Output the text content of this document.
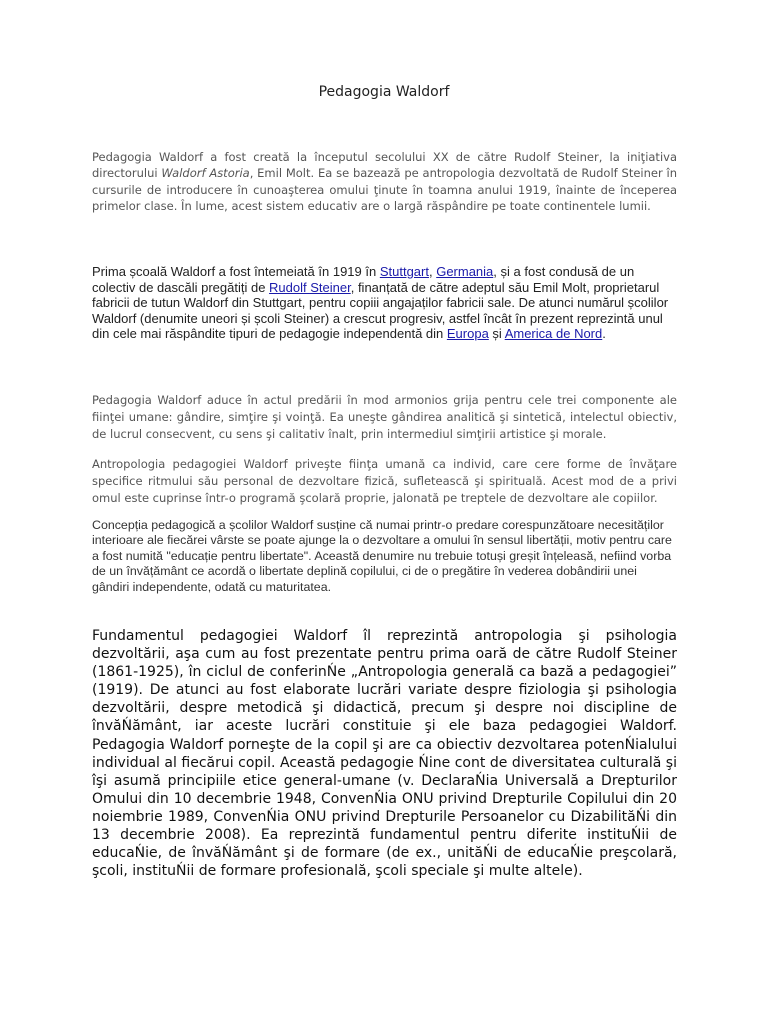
Pedagogia Waldorf

Pedagogia Waldorf a fost creată la începutul secolului XX de către Rudolf Steiner, la iniţiativa directorului Waldorf Astoria, Emil Molt. Ea se bazează pe antropologia dezvoltată de Rudolf Steiner în cursurile de introducere în cunoaşterea omului ţinute în toamna anului 1919, înainte de începerea primelor clase. În lume, acest sistem educativ are o largă răspândire pe toate continentele lumii.

Prima școală Waldorf a fost întemeiată în 1919 în Stuttgart, Germania, și a fost condusă de un colectiv de dascăli pregătiți de Rudolf Steiner, finanțată de către adeptul său Emil Molt, proprietarul fabricii de tutun Waldorf din Stuttgart, pentru copiii angajaților fabricii sale. De atunci numărul școlilor Waldorf (denumite uneori și școli Steiner) a crescut progresiv, astfel încât în prezent reprezintă unul din cele mai răspândite tipuri de pedagogie independentă din Europa și America de Nord.

Pedagogia Waldorf aduce în actul predării în mod armonios grija pentru cele trei componente ale fiinţei umane: gândire, simţire şi voinţă. Ea uneşte gândirea analitică şi sintetică, intelectul obiectiv, de lucrul consecvent, cu sens şi calitativ înalt, prin intermediul simţirii artistice şi morale.

Antropologia pedagogiei Waldorf priveşte fiinţa umană ca individ, care cere forme de învăţare specifice ritmului său personal de dezvoltare fizică, sufletească şi spirituală. Acest mod de a privi omul este cuprinse într-o programă şcolară proprie, jalonată pe treptele de dezvoltare ale copiilor.

Concepția pedagogică a școlilor Waldorf susține că numai printr-o predare corespunzătoare necesităților interioare ale fiecărei vârste se poate ajunge la o dezvoltare a omului în sensul libertății, motiv pentru care a fost numită "educație pentru libertate". Această denumire nu trebuie totuși greșit înțeleasă, nefiind vorba de un învățământ ce acordă o libertate deplină copilului, ci de o pregătire în vederea dobândirii unei gândiri independente, odată cu maturitatea.

Fundamentul pedagogiei Waldorf îl reprezintă antropologia şi psihologia dezvoltării, aşa cum au fost prezentate pentru prima oară de către Rudolf Steiner (1861-1925), în ciclul de conferinŃe „Antropologia generală ca bază a pedagogiei” (1919). De atunci au fost elaborate lucrări variate despre fiziologia şi psihologia dezvoltării, despre metodică şi didactică, precum şi despre noi discipline de învăŃământ, iar aceste lucrări constituie şi ele baza pedagogiei Waldorf. Pedagogia Waldorf porneşte de la copil şi are ca obiectiv dezvoltarea potenŃialului individual al fiecărui copil. Această pedagogie Ńine cont de diversitatea culturală şi îşi asumă principiile etice general-umane (v. DeclaraŃia Universală a Drepturilor Omului din 10 decembrie 1948, ConvenŃia ONU privind Drepturile Copilului din 20 noiembrie 1989, ConvenŃia ONU privind Drepturile Persoanelor cu DizabilităŃi din 13 decembrie 2008). Ea reprezintă fundamentul pentru diferite instituŃii de educaŃie, de învăŃământ şi de formare (de ex., unităŃi de educaŃie preşcolară, şcoli, instituŃii de formare profesională, şcoli speciale şi multe altele).
